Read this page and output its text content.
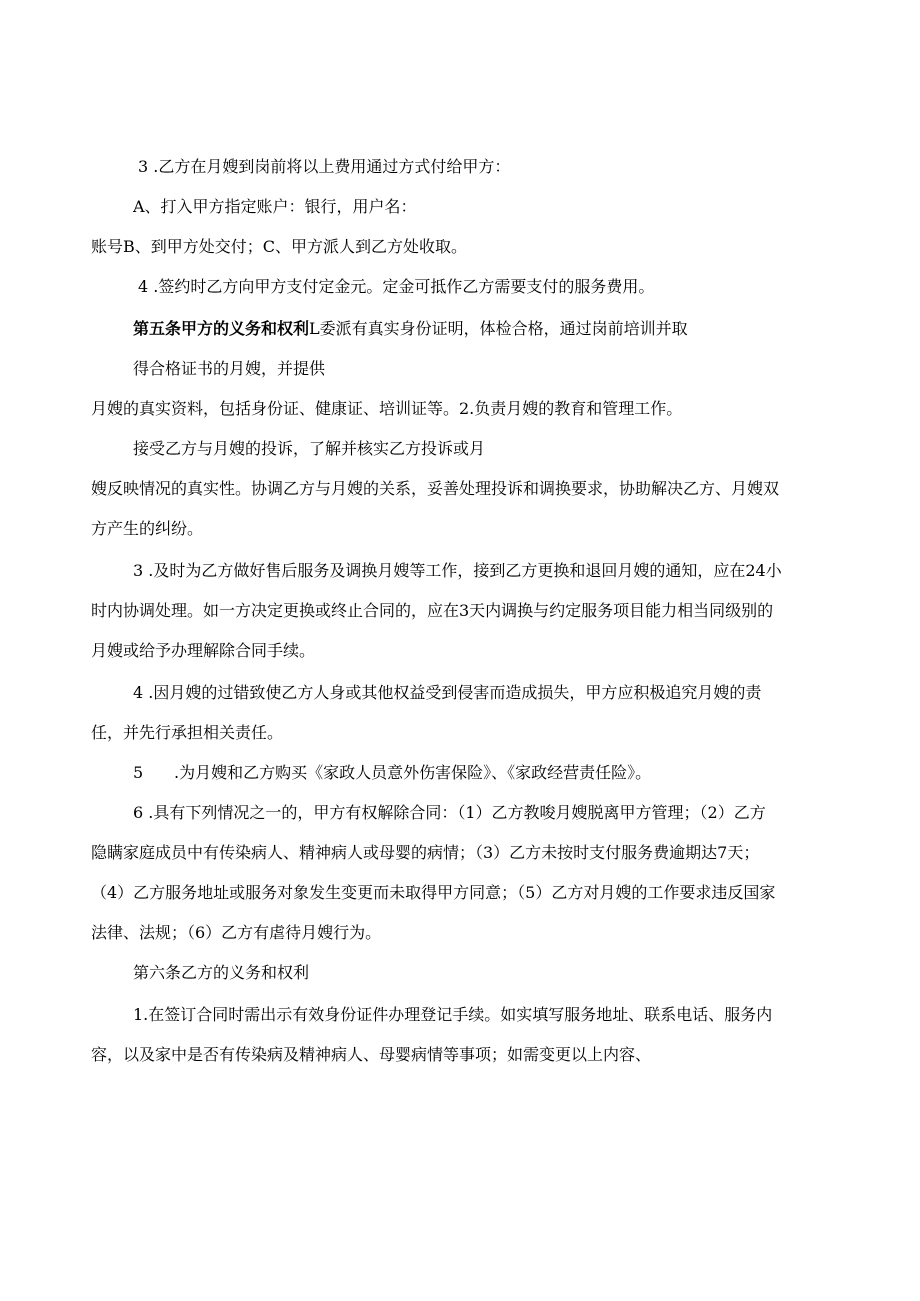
3 .乙方在月嫂到岗前将以上费用通过方式付给甲方：
A、打入甲方指定账户：银行，用户名：
账号B、到甲方处交付；C、甲方派人到乙方处收取。
4 .签约时乙方向甲方支付定金元。定金可抵作乙方需要支付的服务费用。
第五条甲方的义务和权利L委派有真实身份证明，体检合格，通过岗前培训并取
得合格证书的月嫂，并提供
月嫂的真实资料，包括身份证、健康证、培训证等。2.负责月嫂的教育和管理工作。
接受乙方与月嫂的投诉，了解并核实乙方投诉或月
嫂反映情况的真实性。协调乙方与月嫂的关系，妥善处理投诉和调换要求，协助解决乙方、月嫂双
方产生的纠纷。
3 .及时为乙方做好售后服务及调换月嫂等工作，接到乙方更换和退回月嫂的通知，应在24小
时内协调处理。如一方决定更换或终止合同的，应在3天内调换与约定服务项目能力相当同级别的
月嫂或给予办理解除合同手续。
4 .因月嫂的过错致使乙方人身或其他权益受到侵害而造成损失，甲方应积极追究月嫂的责
任，并先行承担相关责任。
5 .为月嫂和乙方购买《家政人员意外伤害保险》、《家政经营责任险》。
6 .具有下列情况之一的，甲方有权解除合同：（1）乙方教唆月嫂脱离甲方管理；（2）乙方
隐瞒家庭成员中有传染病人、精神病人或母婴的病情；（3）乙方未按时支付服务费逾期达7天；
（4）乙方服务地址或服务对象发生变更而未取得甲方同意；（5）乙方对月嫂的工作要求违反国家
法律、法规；（6）乙方有虐待月嫂行为。
第六条乙方的义务和权利
1.在签订合同时需出示有效身份证件办理登记手续。如实填写服务地址、联系电话、服务内
容，以及家中是否有传染病及精神病人、母婴病情等事项；如需变更以上内容、
